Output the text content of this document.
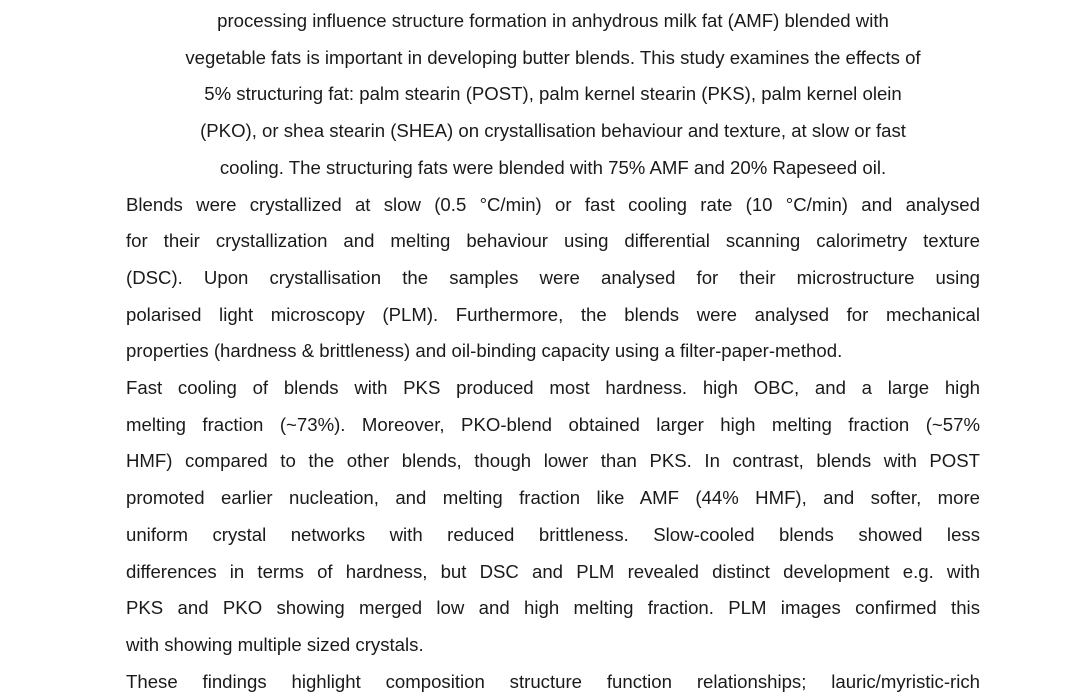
processing influence structure formation in anhydrous milk fat (AMF) blended with
vegetable fats is important in developing butter blends. This study examines the effects of
5% structuring fat: palm stearin (POST), palm kernel stearin (PKS), palm kernel olein
(PKO), or shea stearin (SHEA) on crystallisation behaviour and texture, at slow or fast
cooling. The structuring fats were blended with 75% AMF and 20% Rapeseed oil.

Blends were crystallized at slow (0.5 °C/min) or fast cooling rate (10 °C/min) and analysed
for their crystallization and melting behaviour using differential scanning calorimetry texture
(DSC). Upon crystallisation the samples were analysed for their microstructure using
polarised light microscopy (PLM). Furthermore, the blends were analysed for mechanical
properties (hardness & brittleness) and oil-binding capacity using a filter-paper-method.

Fast cooling of blends with PKS produced most hardness. high OBC, and a large high
melting fraction (~73%). Moreover, PKO-blend obtained larger high melting fraction (~57%
HMF) compared to the other blends, though lower than PKS. In contrast, blends with POST
promoted earlier nucleation, and melting fraction like AMF (44% HMF), and softer, more
uniform crystal networks with reduced brittleness. Slow-cooled blends showed less
differences in terms of hardness, but DSC and PLM revealed distinct development e.g. with
PKS and PKO showing merged low and high melting fraction. PLM images confirmed this
with showing multiple sized crystals.

These findings highlight composition structure function relationships; lauric/myristic-rich
